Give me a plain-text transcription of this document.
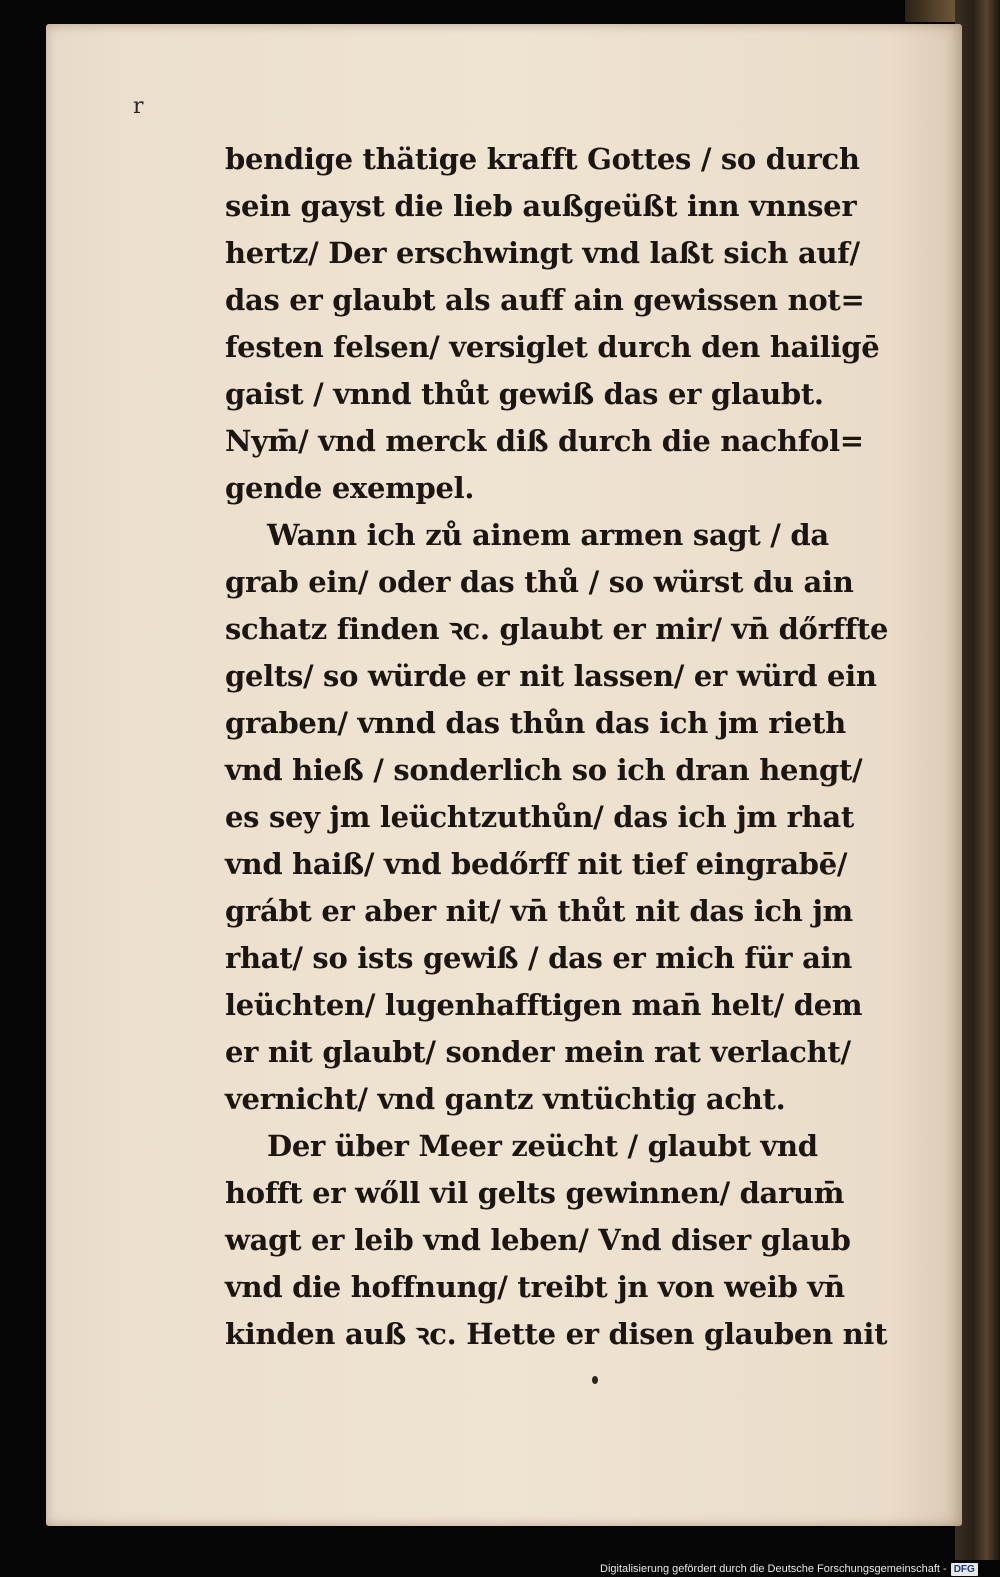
r
bendige thätige krafft Gottes / so durch
sein gayst die lieb außgeüßt inn vnnser
hertz/ Der erschwingt vnd laßt sich auf/
das er glaubt als auff ain gewissen not=
festen felsen/ versiglet durch den hailigē
gaist / vnnd thůt gewiß das er glaubt.
Nym̄/ vnd merck diß durch die nachfol=
gende exempel.
Wann ich zů ainem armen sagt / da
grab ein/ oder das thů / so würst du ain
schatz finden ꝛc. glaubt er mir/ vn̄ dőrffte
gelts/ so würde er nit lassen/ er würd ein
graben/ vnnd das thůn das ich jm rieth
vnd hieß / sonderlich so ich dran hengt/
es sey jm leüchtzuthůn/ das ich jm rhat
vnd haiß/ vnd bedőrff nit tief eingrabē/
grábt er aber nit/ vn̄ thůt nit das ich jm
rhat/ so ists gewiß / das er mich für ain
leüchten/ lugenhafftigen man̄ helt/ dem
er nit glaubt/ sonder mein rat verlacht/
vernicht/ vnd gantz vntüchtig acht.
Der über Meer zeücht / glaubt vnd
hofft er wőll vil gelts gewinnen/ darum̄
wagt er leib vnd leben/ Vnd diser glaub
vnd die hoffnung/ treibt jn von weib vn̄
kinden auß ꝛc. Hette er disen glauben nit
Digitalisierung gefördert durch die Deutsche Forschungsgemeinschaft - DFG
